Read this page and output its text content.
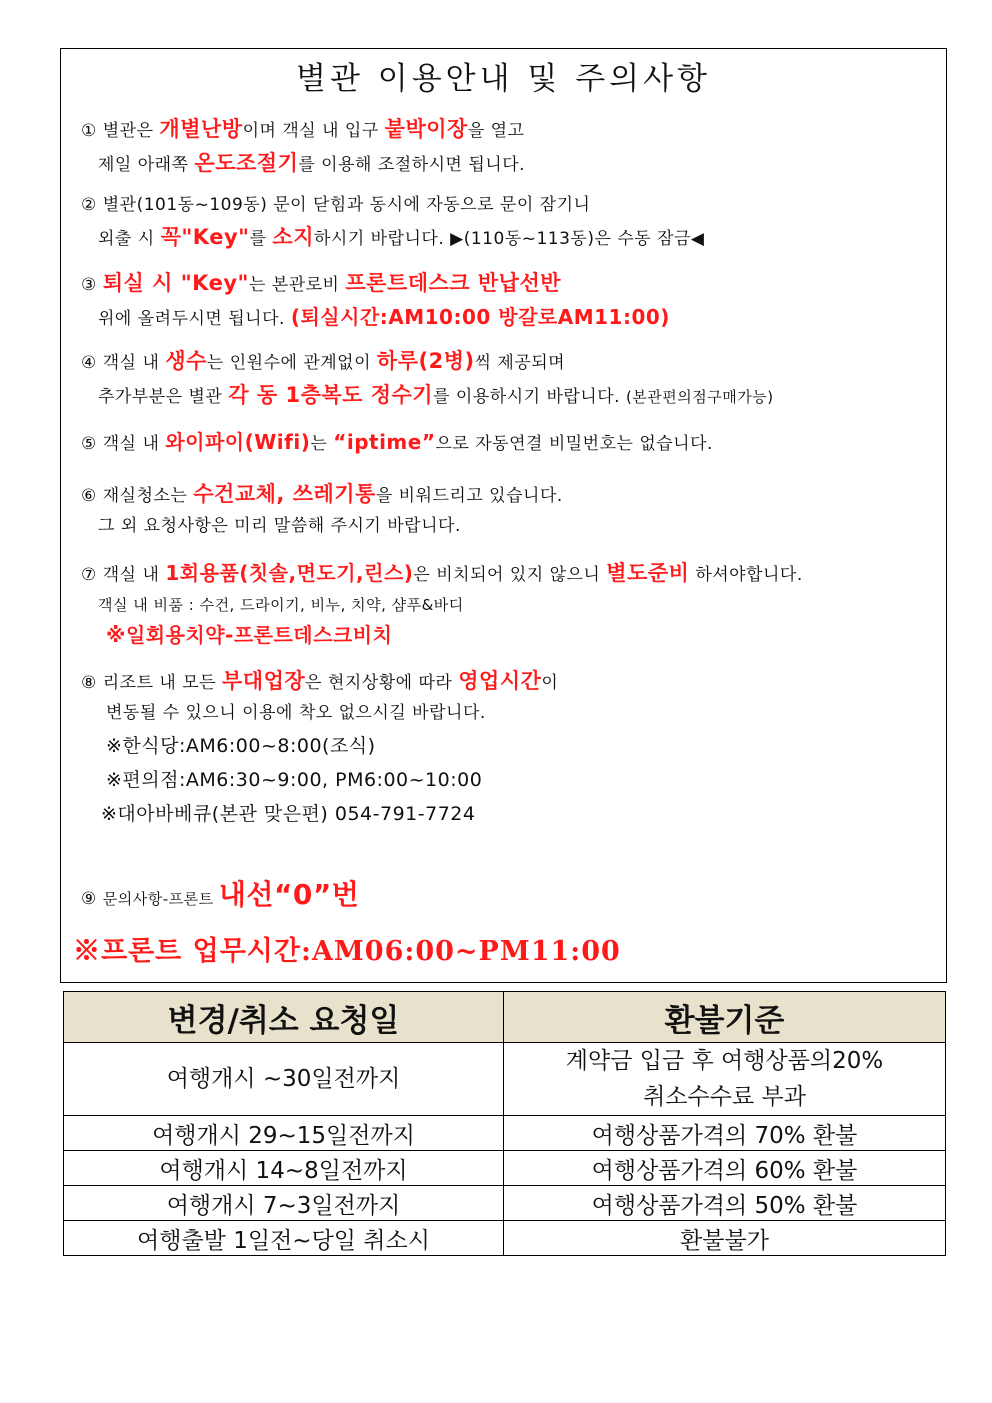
별관 이용안내 및 주의사항
① 별관은 개별난방이며 객실 내 입구 붙박이장을 열고
제일 아래쪽 온도조절기를 이용해 조절하시면 됩니다.
② 별관(101동~109동) 문이 닫힘과 동시에 자동으로 문이 잠기니
외출 시 꼭"Key"를 소지하시기 바랍니다. ▶(110동~113동)은 수동 잠금◀
③ 퇴실 시 "Key"는 본관로비 프론트데스크 반납선반
위에 올려두시면 됩니다. (퇴실시간:AM10:00 방갈로AM11:00)
④ 객실 내 생수는 인원수에 관계없이 하루(2병)씩 제공되며
추가부분은 별관 각 동 1층복도 정수기를 이용하시기 바랍니다. (본관편의점구매가능)
⑤ 객실 내 와이파이(Wifi)는 “iptime”으로 자동연결 비밀번호는 없습니다.
⑥ 재실청소는 수건교체, 쓰레기통을 비워드리고 있습니다.
그 외 요청사항은 미리 말씀해 주시기 바랍니다.
⑦ 객실 내 1회용품(칫솔,면도기,린스)은 비치되어 있지 않으니 별도준비 하셔야합니다.
객실 내 비품 : 수건, 드라이기, 비누, 치약, 샴푸&바디
※일회용치약-프론트데스크비치
⑧ 리조트 내 모든 부대업장은 현지상황에 따라 영업시간이
변동될 수 있으니 이용에 착오 없으시길 바랍니다.
※한식당:AM6:00~8:00(조식)
※편의점:AM6:30~9:00, PM6:00~10:00
※대아바베큐(본관 맞은편) 054-791-7724
⑨ 문의사항-프론트 내선“0”번
※프론트 업무시간:AM06:00~PM11:00
변경/취소 요청일	환불기준
여행개시 ~30일전까지	계약금 입금 후 여행상품의20%
취소수수료 부과

여행개시 29~15일전까지	여행상품가격의 70% 환불
여행개시 14~8일전까지	여행상품가격의 60% 환불
여행개시 7~3일전까지	여행상품가격의 50% 환불
여행출발 1일전~당일 취소시	환불불가
